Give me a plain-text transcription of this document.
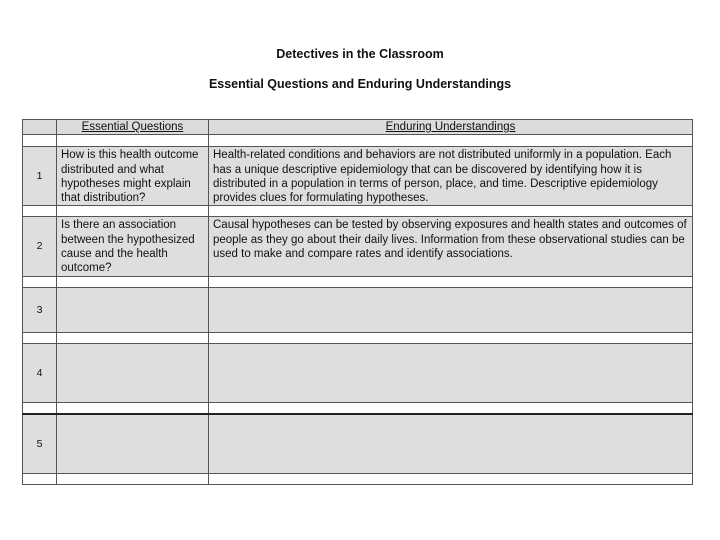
Detectives in the Classroom
Essential Questions and Enduring Understandings
	Essential Questions	Enduring Understandings

1	How is this health outcome distributed and what hypotheses might explain that distribution?	Health-related conditions and behaviors are not distributed uniformly in a population. Each has a unique descriptive epidemiology that can be discovered by identifying how it is distributed in a population in terms of person, place, and time. Descriptive epidemiology provides clues for formulating hypotheses.

2	Is there an association between the hypothesized cause and the health outcome?	Causal hypotheses can be tested by observing exposures and health states and outcomes of people as they go about their daily lives. Information from these observational studies can be used to make and compare rates and identify associations.

3		

4		

5		
